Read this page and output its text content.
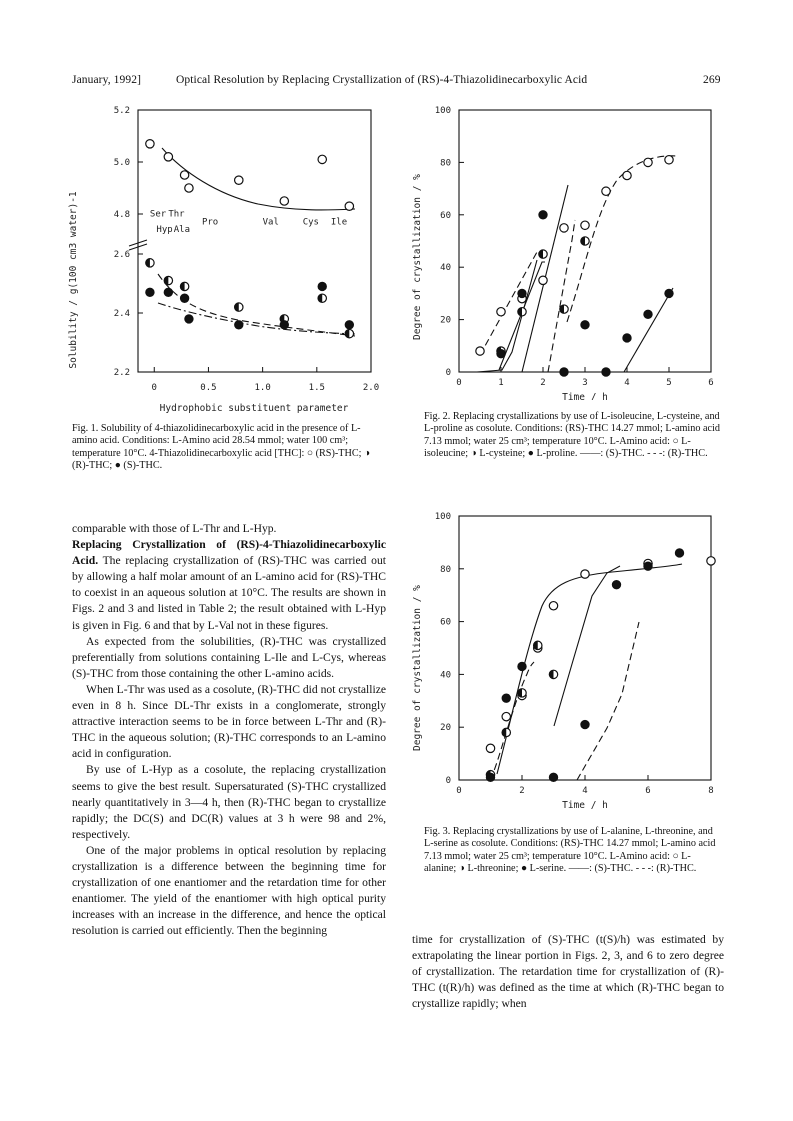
January, 1992]	Optical Resolution by Replacing Crystallization of (RS)-4-Thiazolidinecarboxylic Acid	269
2.2
2.4
2.6
4.8
5.0
5.2
0	0.5	1.0	1.5	2.0
Solubility / g(100 cm3 water)-1
Hydrophobic substituent parameter
Ser Thr
Hyp Ala
Pro	Val	Cys Ile
Fig. 1. Solubility of 4-thiazolidinecarboxylic acid in the presence of L-amino acid. Conditions: L-Amino acid 28.54 mmol; water 100 cm³; temperature 10°C. 4-Thiazolidinecarboxylic acid [THC]: ○ (RS)-THC; ◑ (R)-THC; ● (S)-THC.
0
20
40
60
80
100
0	1	2	3	4	5	6
Degree of crystallization / %
Time / h
Fig. 2. Replacing crystallizations by use of L-isoleucine, L-cysteine, and L-proline as cosolute. Conditions: (RS)-THC 14.27 mmol; L-amino acid 7.13 mmol; water 25 cm³; temperature 10°C. L-Amino acid: ○ L-isoleucine; ◑ L-cysteine; ● L-proline. ——: (S)-THC. - - -: (R)-THC.
0
20
40
60
80
100
0	2	4	6	8
Degree of crystallization / %
Time / h
Fig. 3. Replacing crystallizations by use of L-alanine, L-threonine, and L-serine as cosolute. Conditions: (RS)-THC 14.27 mmol; L-amino acid 7.13 mmol; water 25 cm³; temperature 10°C. L-Amino acid: ○ L-alanine; ◑ L-threonine; ● L-serine. ——: (S)-THC. - - -: (R)-THC.

comparable with those of L-Thr and L-Hyp.

Replacing Crystallization of (RS)-4-Thiazolidinecarboxylic Acid. The replacing crystallization of (RS)-THC was carried out by allowing a half molar amount of an L-amino acid for (RS)-THC to coexist in an aqueous solution at 10°C. The results are shown in Figs. 2 and 3 and listed in Table 2; the result obtained with L-Hyp is given in Fig. 6 and that by L-Val not in these figures.

As expected from the solubilities, (R)-THC was crystallized preferentially from solutions containing L-Ile and L-Cys, whereas (S)-THC from those containing the other L-amino acids.

When L-Thr was used as a cosolute, (R)-THC did not crystallize even in 8 h. Since DL-Thr exists in a conglomerate, strongly attractive interaction seems to be in force between L-Thr and (R)-THC in the aqueous solution; (R)-THC corresponds to an L-amino acid in configuration.

By use of L-Hyp as a cosolute, the replacing crystallization seems to give the best result. Supersaturated (S)-THC crystallized nearly quantitatively in 3—4 h, then (R)-THC began to crystallize rapidly; the DC(S) and DC(R) values at 3 h were 98 and 2%, respectively.

One of the major problems in optical resolution by replacing crystallization is a difference between the beginning time for crystallization of one enantiomer and the retardation time for other enantiomer. The yield of the enantiomer with high optical purity increases with an increase in the difference, and hence the optical resolution is carried out efficiently. Then the beginning

time for crystallization of (S)-THC (t(S)/h) was estimated by extrapolating the linear portion in Figs. 2, 3, and 6 to zero degree of crystallization. The retardation time for crystallization of (R)-THC (t(R)/h) was defined as the time at which (R)-THC began to crystallize rapidly; when
